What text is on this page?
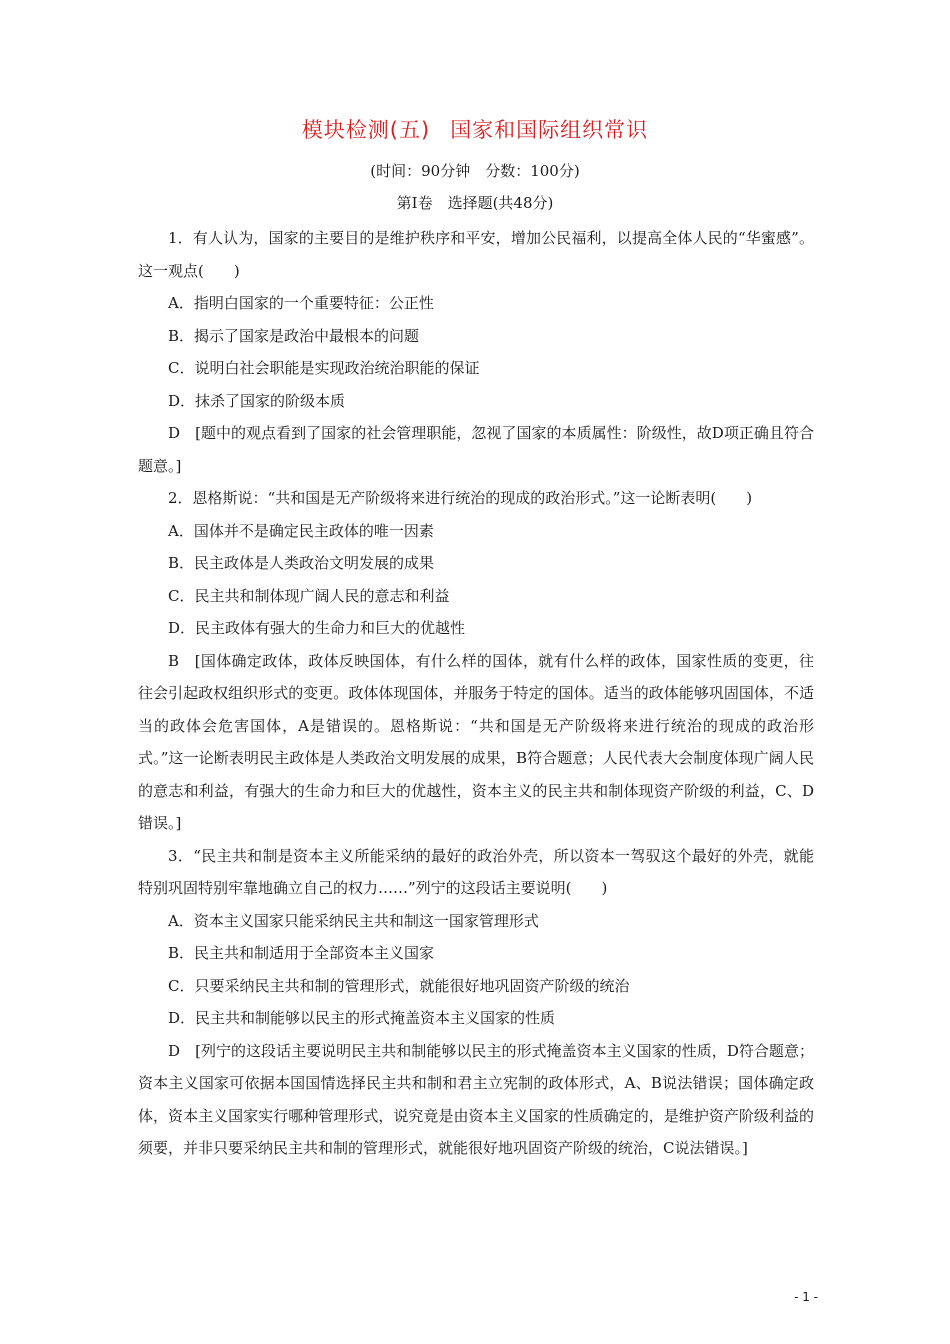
模块检测(五) 国家和国际组织常识
(时间：90分钟　分数：100分)
第Ⅰ卷　选择题(共48分)

1．有人认为，国家的主要目的是维护秩序和平安，增加公民福利，以提高全体人民的“华蜜感”。这一观点(　　)

A．指明白国家的一个重要特征：公正性

B．揭示了国家是政治中最根本的问题

C．说明白社会职能是实现政治统治职能的保证

D．抹杀了国家的阶级本质

D　[题中的观点看到了国家的社会管理职能，忽视了国家的本质属性：阶级性，故D项正确且符合题意。]

2．恩格斯说：“共和国是无产阶级将来进行统治的现成的政治形式。”这一论断表明(　　)

A．国体并不是确定民主政体的唯一因素

B．民主政体是人类政治文明发展的成果

C．民主共和制体现广阔人民的意志和利益

D．民主政体有强大的生命力和巨大的优越性

B　[国体确定政体，政体反映国体，有什么样的国体，就有什么样的政体，国家性质的变更，往往会引起政权组织形式的变更。政体体现国体，并服务于特定的国体。适当的政体能够巩固国体，不适当的政体会危害国体，A是错误的。恩格斯说：“共和国是无产阶级将来进行统治的现成的政治形式。”这一论断表明民主政体是人类政治文明发展的成果，B符合题意；人民代表大会制度体现广阔人民的意志和利益，有强大的生命力和巨大的优越性，资本主义的民主共和制体现资产阶级的利益，C、D错误。]

3．“民主共和制是资本主义所能采纳的最好的政治外壳，所以资本一驾驭这个最好的外壳，就能特别巩固特别牢靠地确立自己的权力……”列宁的这段话主要说明(　　)

A．资本主义国家只能采纳民主共和制这一国家管理形式

B．民主共和制适用于全部资本主义国家

C．只要采纳民主共和制的管理形式，就能很好地巩固资产阶级的统治

D．民主共和制能够以民主的形式掩盖资本主义国家的性质

D　[列宁的这段话主要说明民主共和制能够以民主的形式掩盖资本主义国家的性质，D符合题意；资本主义国家可依据本国国情选择民主共和制和君主立宪制的政体形式，A、B说法错误；国体确定政体，资本主义国家实行哪种管理形式，说究竟是由资本主义国家的性质确定的，是维护资产阶级利益的须要，并非只要采纳民主共和制的管理形式，就能很好地巩固资产阶级的统治，C说法错误。]

- 1 -
